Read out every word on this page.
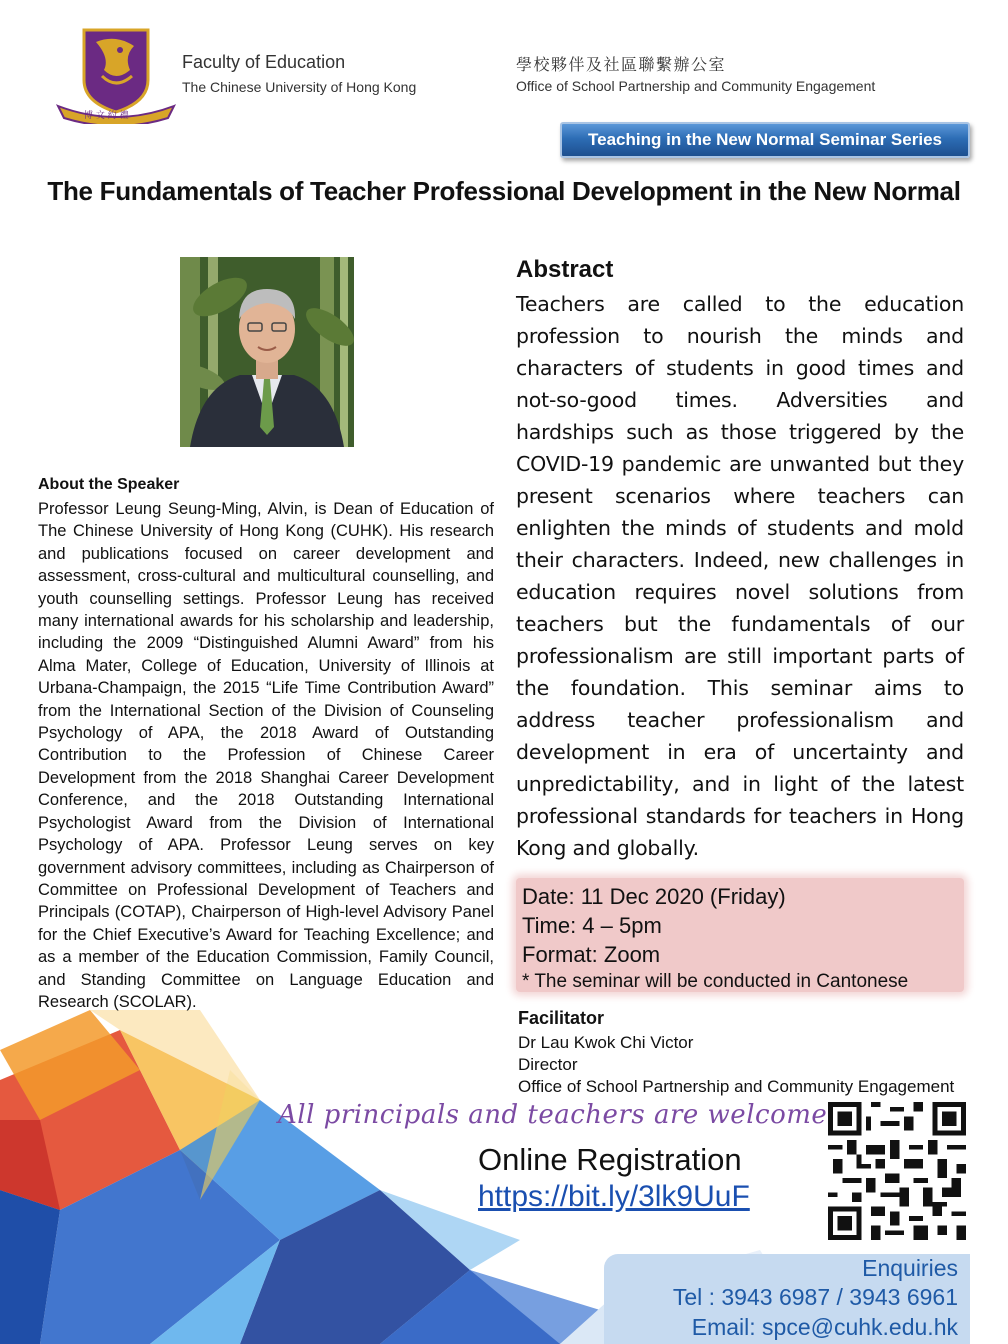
博 文 約 禮
Faculty of Education
The Chinese University of Hong Kong
學校夥伴及社區聯繫辦公室
Office of School Partnership and Community Engagement
Teaching in the New Normal Seminar Series
The Fundamentals of Teacher Professional Development in the New Normal
About the Speaker
Professor Leung Seung-Ming, Alvin, is Dean of Education of The Chinese University of Hong Kong (CUHK). His research and publications focused on career development and assessment, cross-cultural and multicultural counselling, and youth counselling settings. Professor Leung has received many international awards for his scholarship and leadership, including the 2009 “Distinguished Alumni Award” from his Alma Mater, College of Education, University of Illinois at Urbana-Champaign, the 2015 “Life Time Contribution Award” from the International Section of the Division of Counseling Psychology of APA, the 2018 Award of Outstanding Contribution to the Profession of Chinese Career Development from the 2018 Shanghai Career Development Conference, and the 2018 Outstanding International Psychologist Award from the Division of International Psychology of APA. Professor Leung serves on key government advisory committees, including as Chairperson of Committee on Professional Development of Teachers and Principals (COTAP), Chairperson of High-level Advisory Panel for the Chief Executive’s Award for Teaching Excellence; and as a member of the Education Commission, Family Council, and Standing Committee on Language Education and Research (SCOLAR).
Abstract
Teachers are called to the education profession to nourish the minds and characters of students in good times and not-so-good times. Adversities and hardships such as those triggered by the COVID-19 pandemic are unwanted but they present scenarios where teachers can enlighten the minds of students and mold their characters. Indeed, new challenges in education requires novel solutions from teachers but the fundamentals of our professionalism are still important parts of the foundation. This seminar aims to address teacher professionalism and development in era of uncertainty and unpredictability, and in light of the latest professional standards for teachers in Hong Kong and globally.
Date: 11 Dec 2020 (Friday)
Time: 4 – 5pm
Format: Zoom
* The seminar will be conducted in Cantonese
Facilitator
Dr Lau Kwok Chi Victor
Director
Office of School Partnership and Community Engagement
All principals and teachers are welcome
Online Registration
https://bit.ly/3lk9UuF
Enquiries
Tel : 3943 6987 / 3943 6961
Email: spce@cuhk.edu.hk
